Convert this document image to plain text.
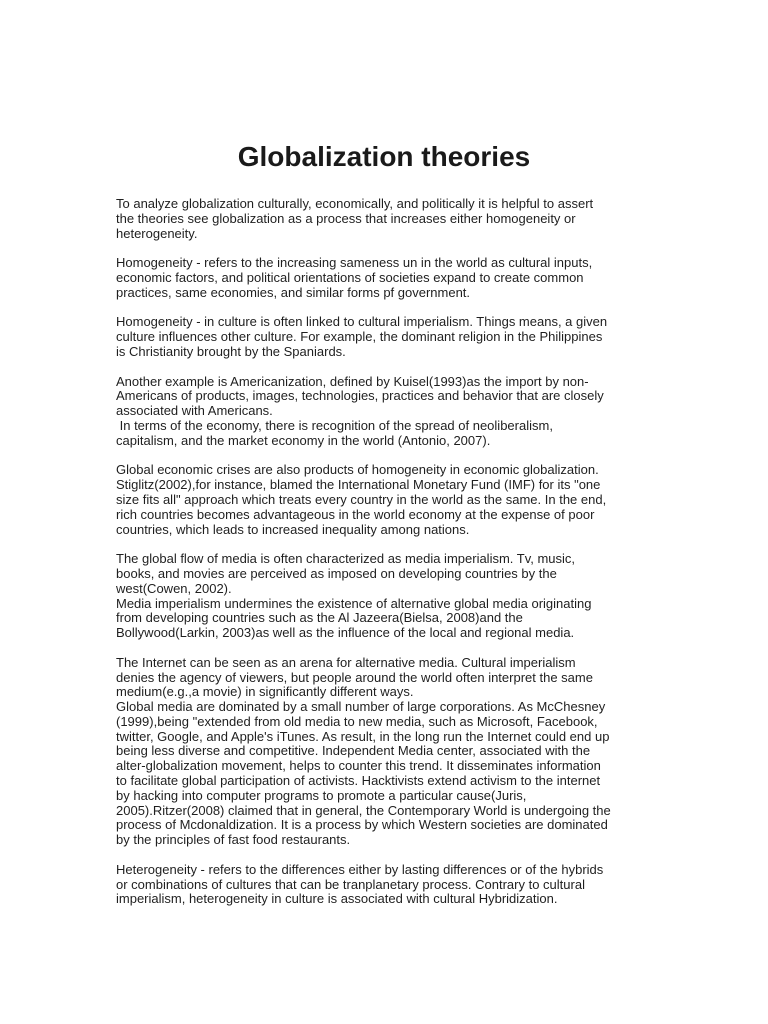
Globalization theories

To analyze globalization culturally, economically, and politically it is helpful to assert
the theories see globalization as a process that increases either homogeneity or
heterogeneity.

Homogeneity - refers to the increasing sameness un in the world as cultural inputs,
economic factors, and political orientations of societies expand to create common
practices, same economies, and similar forms pf government.

Homogeneity - in culture is often linked to cultural imperialism. Things means, a given
culture influences other culture. For example, the dominant religion in the Philippines
is Christianity brought by the Spaniards.

Another example is Americanization, defined by Kuisel(1993)as the import by non-
Americans of products, images, technologies, practices and behavior that are closely
associated with Americans.
In terms of the economy, there is recognition of the spread of neoliberalism,
capitalism, and the market economy in the world (Antonio, 2007).

Global economic crises are also products of homogeneity in economic globalization.
Stiglitz(2002),for instance, blamed the International Monetary Fund (IMF) for its "one
size fits all" approach which treats every country in the world as the same. In the end,
rich countries becomes advantageous in the world economy at the expense of poor
countries, which leads to increased inequality among nations.

The global flow of media is often characterized as media imperialism. Tv, music,
books, and movies are perceived as imposed on developing countries by the
west(Cowen, 2002).
Media imperialism undermines the existence of alternative global media originating
from developing countries such as the Al Jazeera(Bielsa, 2008)and the
Bollywood(Larkin, 2003)as well as the influence of the local and regional media.

The Internet can be seen as an arena for alternative media. Cultural imperialism
denies the agency of viewers, but people around the world often interpret the same
medium(e.g.,a movie) in significantly different ways.
Global media are dominated by a small number of large corporations. As McChesney
(1999),being "extended from old media to new media, such as Microsoft, Facebook,
twitter, Google, and Apple's iTunes. As result, in the long run the Internet could end up
being less diverse and competitive. Independent Media center, associated with the
alter-globalization movement, helps to counter this trend. It disseminates information
to facilitate global participation of activists. Hacktivists extend activism to the internet
by hacking into computer programs to promote a particular cause(Juris,
2005).Ritzer(2008) claimed that in general, the Contemporary World is undergoing the
process of Mcdonaldization. It is a process by which Western societies are dominated
by the principles of fast food restaurants.

Heterogeneity - refers to the differences either by lasting differences or of the hybrids
or combinations of cultures that can be tranplanetary process. Contrary to cultural
imperialism, heterogeneity in culture is associated with cultural Hybridization.
